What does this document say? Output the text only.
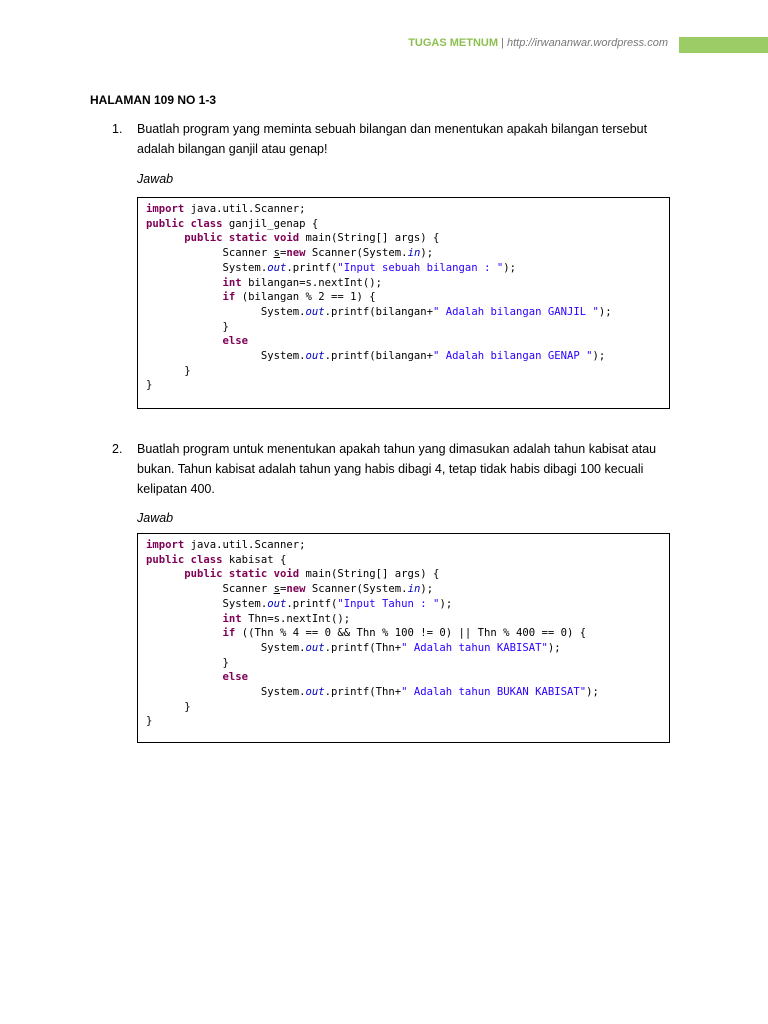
TUGAS METNUM | http://irwananwar.wordpress.com
HALAMAN 109 NO 1-3
1. Buatlah program yang meminta sebuah bilangan dan menentukan apakah bilangan tersebut adalah bilangan ganjil atau genap!
Jawab
import java.util.Scanner;
public class ganjil_genap {
public static void main(String[] args) {
Scanner s=new Scanner(System.in);
System.out.printf("Input sebuah bilangan : ");
int bilangan=s.nextInt();
if (bilangan % 2 == 1) {
System.out.printf(bilangan+" Adalah bilangan GANJIL ");
}
else
System.out.printf(bilangan+" Adalah bilangan GENAP ");
}
}
2. Buatlah program untuk menentukan apakah tahun yang dimasukan adalah tahun kabisat atau bukan. Tahun kabisat adalah tahun yang habis dibagi 4, tetap tidak habis dibagi 100 kecuali kelipatan 400.
Jawab
import java.util.Scanner;
public class kabisat {
public static void main(String[] args) {
Scanner s=new Scanner(System.in);
System.out.printf("Input Tahun : ");
int Thn=s.nextInt();
if ((Thn % 4 == 0 && Thn % 100 != 0) || Thn % 400 == 0) {
System.out.printf(Thn+" Adalah tahun KABISAT");
}
else
System.out.printf(Thn+" Adalah tahun BUKAN KABISAT");
}
}
